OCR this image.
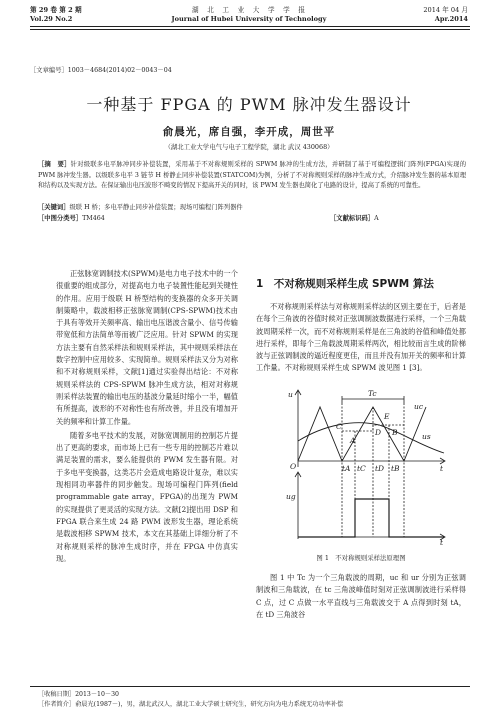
第 29 卷 第 2 期
Vol.29 No.2
湖　北　工　业　大　学　学　报
Journal of Hubei University of Technology
2014 年 04 月
Apr.2014
［文章编号］1003－4684(2014)02－0043－04
一种基于 FPGA 的 PWM 脉冲发生器设计
俞晨光，席自强，李开成，周世平
（湖北工业大学电气与电子工程学院，湖北 武汉 430068）
［摘　要］针对级联多电平脉冲同步补偿装置，采用基于不对称规则采样的 SPWM 脉冲的生成方法，并研制了基于可编程逻辑门阵列(FPGA)实现的 PWM 脉冲发生器。以级联多电平 3 链节 H 桥静止同步补偿装置(STATCOM)为例，分析了不对称规则采样的脉冲生成方式，介绍脉冲发生器的基本原理和结构以及实现方法。在保证输出电压波形不畸变的情况下提高开关的同时，该 PWM 发生器也简化了电路的设计，提高了系统的可靠性。
［关键词］级联 H 桥；多电平静止同步补偿装置；现场可编程门阵列器件
［中图分类号］TM464	［文献标识码］A
正弦脉宽调制技术(SPWM)是电力电子技术中的一个很重要的组成部分，对提高电力电子装置性能起到关键性的作用。应用于级联 H 桥型结构的变换器的众多开关调制策略中，载波相移正弦脉宽调制(CPS-SPWM)技术由于具有等效开关频率高、输出电压谐波含量小、信号传输带宽低和方法简单等而被广泛应用。针对 SPWM 的实现方法主要有自然采样法和规则采样法，其中规则采样法在数字控制中应用较多、实现简单。规则采样法又分为对称和不对称规则采样，文献[1]通过实验得出结论：不对称规则采样法的 CPS-SPWM 脉冲生成方法，相对对称规则采样法装置的输出电压的基波分量延时缩小一半，幅值有所提高，波形的不对称性也有所改善，并且没有增加开关的频率和计算工作量。
随着多电平技术的发展，对脉宽调制用的控制芯片提出了更高的要求，而市场上已有一些专用的控制芯片难以满足装置的需求，要么能提供的 PWM 发生器有限。对于多电平变换器，这类芯片会造成电路设计复杂，难以实现相同功率器件的同步触发。现场可编程门阵列(field programmable gate array，FPGA)的出现为 PWM 的实现提供了更灵活的实现方法。文献[2]提出用 DSP 和 FPGA 联合来生成 24 路 PWM 波形发生器，理论系统是载波相移 SPWM 技术，本文在其基础上详细分析了不对称规则采样的脉冲生成时序，并在 FPGA 中仿真实现。
1　不对称规则采样生成 SPWM 算法
不对称规则采样法与对称规则采样法的区别主要在于，后者是在每个三角波的谷值时候对正弦调制波数据进行采样，一个三角载波周期采样一次，而不对称规则采样是在三角波的谷值和峰值处都进行采样，即每个三角载波周期采样两次，相比较而言生成的阶梯波与正弦调制波的逼近程度更佳，而且并没有加开关的频率和计算工作量。不对称规则采样生成 SPWM 波见图 1 [3]。
u	Tc
uc
us
A
B
C
D
E
O	t
tA tC tD tB
ug
t
图 1　不对称规则采样法原理图
图 1 中 Tc 为一个三角载波的周期，uc 和 ur 分别为正弦调制波和三角载波，在 tc 三角波峰值时刻对正弦调制波进行采样得 C 点，过 C 点做一水平直线与三角载波交于 A 点得到时刻 tA，在 tD 三角波谷
［收稿日期］2013－10－30
［作者简介］俞晨光(1987－)，男，湖北武汉人，湖北工业大学硕士研究生，研究方向为电力系统无功功率补偿
